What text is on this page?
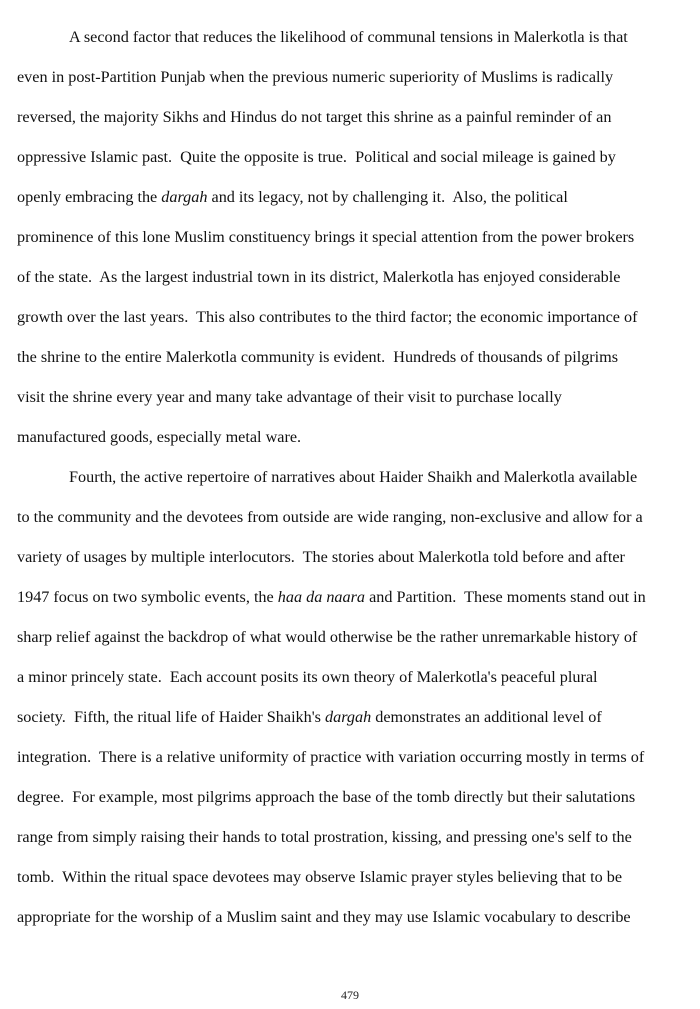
A second factor that reduces the likelihood of communal tensions in Malerkotla is that
even in post-Partition Punjab when the previous numeric superiority of Muslims is radically
reversed, the majority Sikhs and Hindus do not target this shrine as a painful reminder of an
oppressive Islamic past.  Quite the opposite is true.  Political and social mileage is gained by
openly embracing the dargah and its legacy, not by challenging it.  Also, the political
prominence of this lone Muslim constituency brings it special attention from the power brokers
of the state.  As the largest industrial town in its district, Malerkotla has enjoyed considerable
growth over the last years.  This also contributes to the third factor; the economic importance of
the shrine to the entire Malerkotla community is evident.  Hundreds of thousands of pilgrims
visit the shrine every year and many take advantage of their visit to purchase locally
manufactured goods, especially metal ware.
Fourth, the active repertoire of narratives about Haider Shaikh and Malerkotla available
to the community and the devotees from outside are wide ranging, non-exclusive and allow for a
variety of usages by multiple interlocutors.  The stories about Malerkotla told before and after
1947 focus on two symbolic events, the haa da naara and Partition.  These moments stand out in
sharp relief against the backdrop of what would otherwise be the rather unremarkable history of
a minor princely state.  Each account posits its own theory of Malerkotla's peaceful plural
society.  Fifth, the ritual life of Haider Shaikh's dargah demonstrates an additional level of
integration.  There is a relative uniformity of practice with variation occurring mostly in terms of
degree.  For example, most pilgrims approach the base of the tomb directly but their salutations
range from simply raising their hands to total prostration, kissing, and pressing one's self to the
tomb.  Within the ritual space devotees may observe Islamic prayer styles believing that to be
appropriate for the worship of a Muslim saint and they may use Islamic vocabulary to describe
479
